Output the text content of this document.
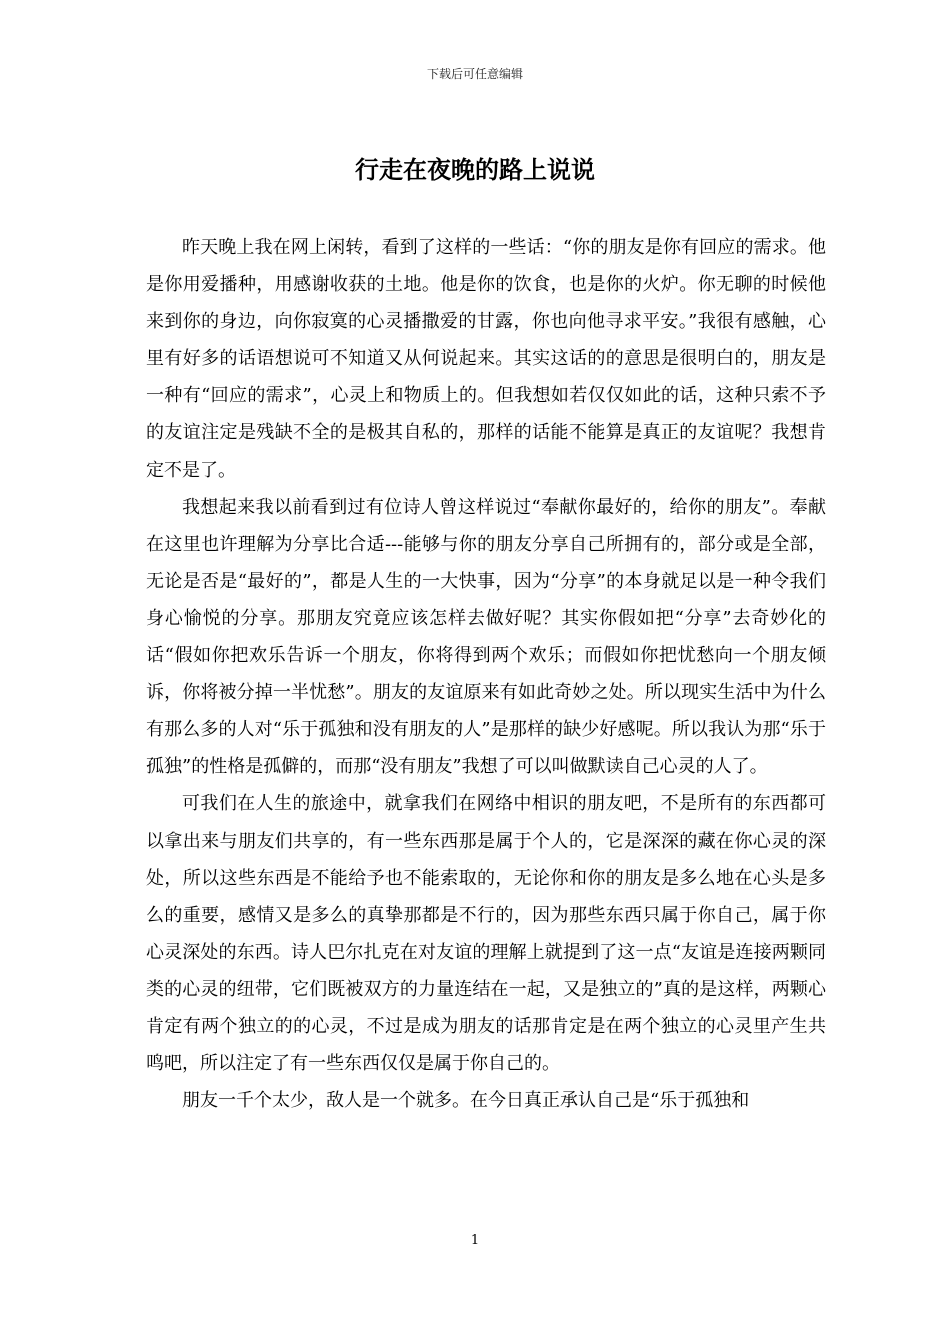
下载后可任意编辑
行走在夜晚的路上说说

昨天晚上我在网上闲转，看到了这样的一些话：“你的朋友是你有回应的需求。他是你用爱播种，用感谢收获的土地。他是你的饮食，也是你的火炉。你无聊的时候他来到你的身边，向你寂寞的心灵播撒爱的甘露，你也向他寻求平安。”我很有感触，心里有好多的话语想说可不知道又从何说起来。其实这话的的意思是很明白的，朋友是一种有“回应的需求”，心灵上和物质上的。但我想如若仅仅如此的话，这种只索不予的友谊注定是残缺不全的是极其自私的，那样的话能不能算是真正的友谊呢？我想肯定不是了。

我想起来我以前看到过有位诗人曾这样说过“奉献你最好的，给你的朋友”。奉献在这里也许理解为分享比合适---能够与你的朋友分享自己所拥有的，部分或是全部，无论是否是“最好的”，都是人生的一大快事，因为“分享”的本身就足以是一种令我们身心愉悦的分享。那朋友究竟应该怎样去做好呢？其实你假如把“分享”去奇妙化的话“假如你把欢乐告诉一个朋友，你将得到两个欢乐；而假如你把忧愁向一个朋友倾诉，你将被分掉一半忧愁”。朋友的友谊原来有如此奇妙之处。所以现实生活中为什么有那么多的人对“乐于孤独和没有朋友的人”是那样的缺少好感呢。所以我认为那“乐于孤独”的性格是孤僻的，而那“没有朋友”我想了可以叫做默读自己心灵的人了。

可我们在人生的旅途中，就拿我们在网络中相识的朋友吧，不是所有的东西都可以拿出来与朋友们共享的，有一些东西那是属于个人的，它是深深的藏在你心灵的深处，所以这些东西是不能给予也不能索取的，无论你和你的朋友是多么地在心头是多么的重要，感情又是多么的真挚那都是不行的，因为那些东西只属于你自己，属于你心灵深处的东西。诗人巴尔扎克在对友谊的理解上就提到了这一点“友谊是连接两颗同类的心灵的纽带，它们既被双方的力量连结在一起，又是独立的”真的是这样，两颗心肯定有两个独立的的心灵，不过是成为朋友的话那肯定是在两个独立的心灵里产生共鸣吧，所以注定了有一些东西仅仅是属于你自己的。

朋友一千个太少，敌人是一个就多。在今日真正承认自己是“乐于孤独和

1
